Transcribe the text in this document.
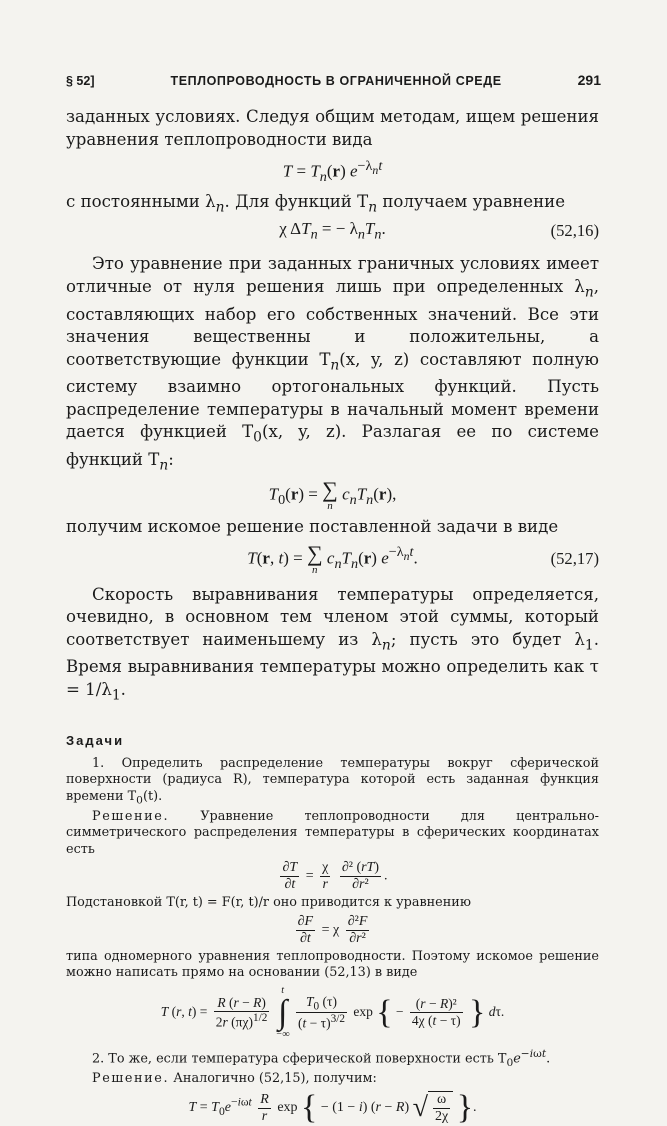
§ 52]	ТЕПЛОПРОВОДНОСТЬ В ОГРАНИЧЕННОЙ СРЕДЕ	291

заданных условиях. Следуя общим методам, ищем решения уравнения теплопроводности вида

$T = T_n(r)$ $e^{-\lambda_nt}$

с постоянными $\lambda_n$. Для функций $T_n$ получаем уравнение

χ $\Delta T_n$ = − $\lambda_nT_n$.	(52,16)

Это уравнение при заданных граничных условиях имеет отличные от нуля решения лишь при определенных $\lambda_n$, составляющих набор его собственных значений. Все эти значения вещественны и положительны, а соответствующие функции $T_n(x$, y, z) составляют полную систему взаимно ортогональных функций. Пусть распределение температуры в начальный момент времени дается функцией $T_0(x$, y, z). Разлагая ее по системе функций $T_n$:

$T_0(r)$ = ∑
n
$c_nT_n(r)$,

получим искомое решение поставленной задачи в виде

T(r, t) = ∑
n
$c_nT_n(r)$ $e^{-\lambda_nt}$.	(52,17)

Скорость выравнивания температуры определяется, очевидно, в основном тем членом этой суммы, который соответствует наименьшему из $\lambda_n$; пусть это будет $\lambda_1$. Время выравнивания температуры можно определить как $\tau = 1/\lambda_1$.

Задачи

1. Определить распределение температуры вокруг сферической поверхности (радиуса R), температура которой есть заданная функция времени $T_0(t)$.

Решение. Уравнение теплопроводности для центрально-симметрического распределения температуры в сферических координатах есть

$\frac{\partial T}{\partial t} = \frac{\chi}{r}$
$\frac{\text{∂² (rT)}}{\text{∂r²}}$ .

Подстановкой T(r, t) = F(r, t)/r оно приводится к уравнению

$\frac{\partial F}{\partial t} = \chi \frac{\text{∂²F}}{\text{∂r²}}$

типа одномерного уравнения теплопроводности. Поэтому искомое решение можно написать прямо на основании (52,13) в виде

T (r, $t) = \frac{R (r - R)}{2r (\pi\chi)^{1/2}}$

t
∫
−∞

$\frac{T_0 (\tau)}{(t - \tau)^{3/2}}$ exp { − $\frac{\text{(r − R)²}}{4\chi (t - \tau)}$ } dτ.

2. То же, если температура сферической поверхности есть $T_0e^{-i\omega t}$.

Решение. Аналогично (52,15), получим:

$T = T_0e^{-i\omega t} \frac{R}{r}$ exp { − (1 − i) (r − R) √ $\frac{\omega}{2\chi}$ }.
